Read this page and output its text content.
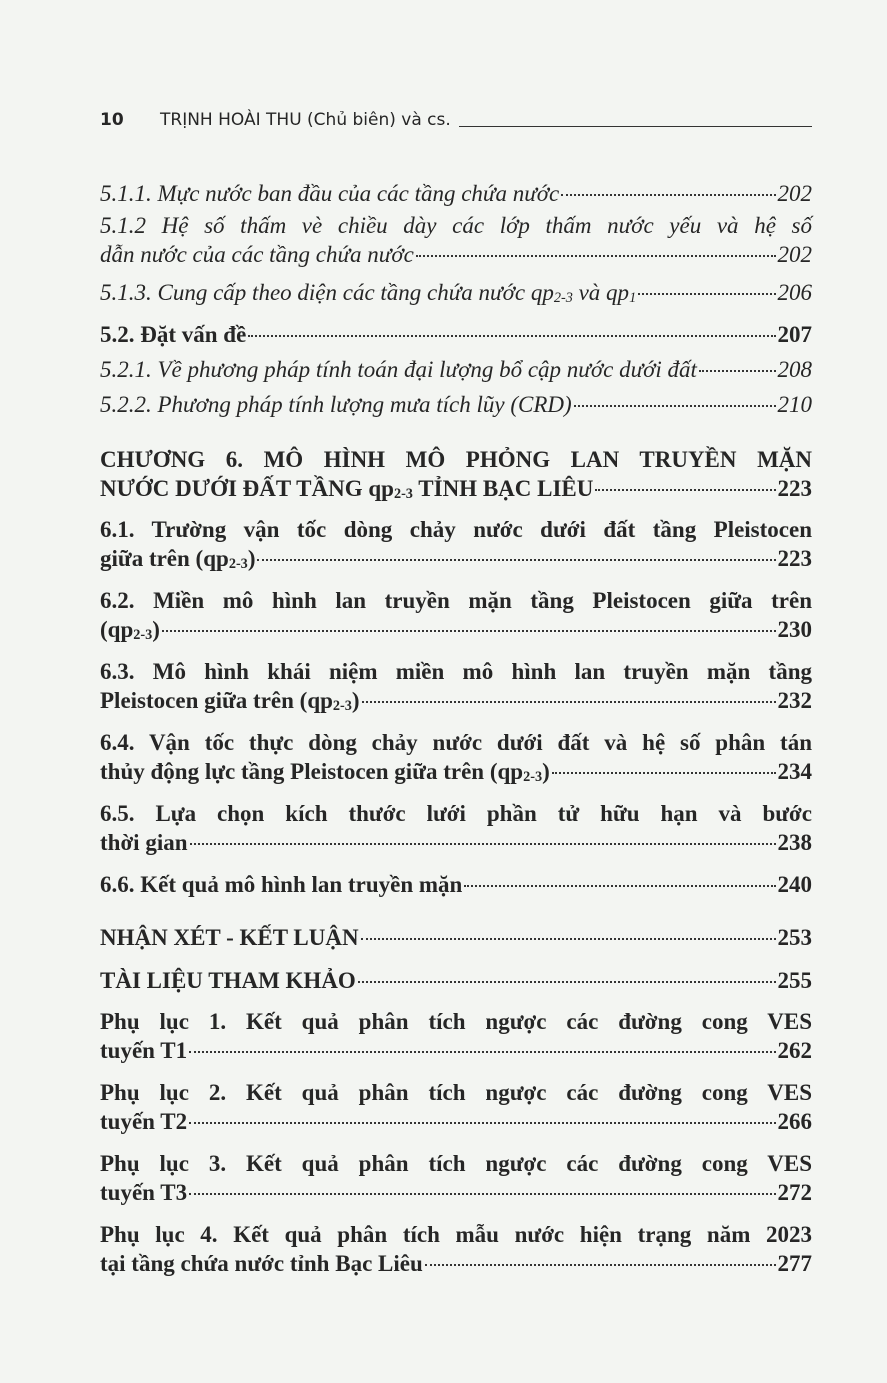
10	TRỊNH HOÀI THU (Chủ biên) và cs.
5.1.1. Mực nước ban đầu của các tầng chứa nước	202
5.1.2 Hệ số thấm vè chiều dày các lớp thấm nước yếu và hệ số
dẫn nước của các tầng chứa nước	202
5.1.3. Cung cấp theo diện các tầng chứa nước $qp_{2-3}$ và $qp_1$	206
5.2. Đặt vấn đề	207
5.2.1. Về phương pháp tính toán đại lượng bổ cập nước dưới đất	208
5.2.2. Phương pháp tính lượng mưa tích lũy (CRD)	210
CHƯƠNG 6. MÔ HÌNH MÔ PHỎNG LAN TRUYỀN MẶN
NƯỚC DƯỚI ĐẤT TẦNG $qp_{2-3}$ TỈNH BẠC LIÊU	223
6.1. Trường vận tốc dòng chảy nước dưới đất tầng Pleistocen
giữa trên $(qp_{2-3})$	223
6.2. Miền mô hình lan truyền mặn tầng Pleistocen giữa trên
$(qp_{2-3})$	230
6.3. Mô hình khái niệm miền mô hình lan truyền mặn tầng
Pleistocen giữa trên $(qp_{2-3})$	232
6.4. Vận tốc thực dòng chảy nước dưới đất và hệ số phân tán
thủy động lực tầng Pleistocen giữa trên $(qp_{2-3})$	234
6.5. Lựa chọn kích thước lưới phần tử hữu hạn và bước
thời gian	238
6.6. Kết quả mô hình lan truyền mặn	240
NHẬN XÉT - KẾT LUẬN	253
TÀI LIỆU THAM KHẢO	255
Phụ lục 1. Kết quả phân tích ngược các đường cong VES
tuyến T1	262
Phụ lục 2. Kết quả phân tích ngược các đường cong VES
tuyến T2	266
Phụ lục 3. Kết quả phân tích ngược các đường cong VES
tuyến T3	272
Phụ lục 4. Kết quả phân tích mẫu nước hiện trạng năm 2023
tại tầng chứa nước tỉnh Bạc Liêu	277
